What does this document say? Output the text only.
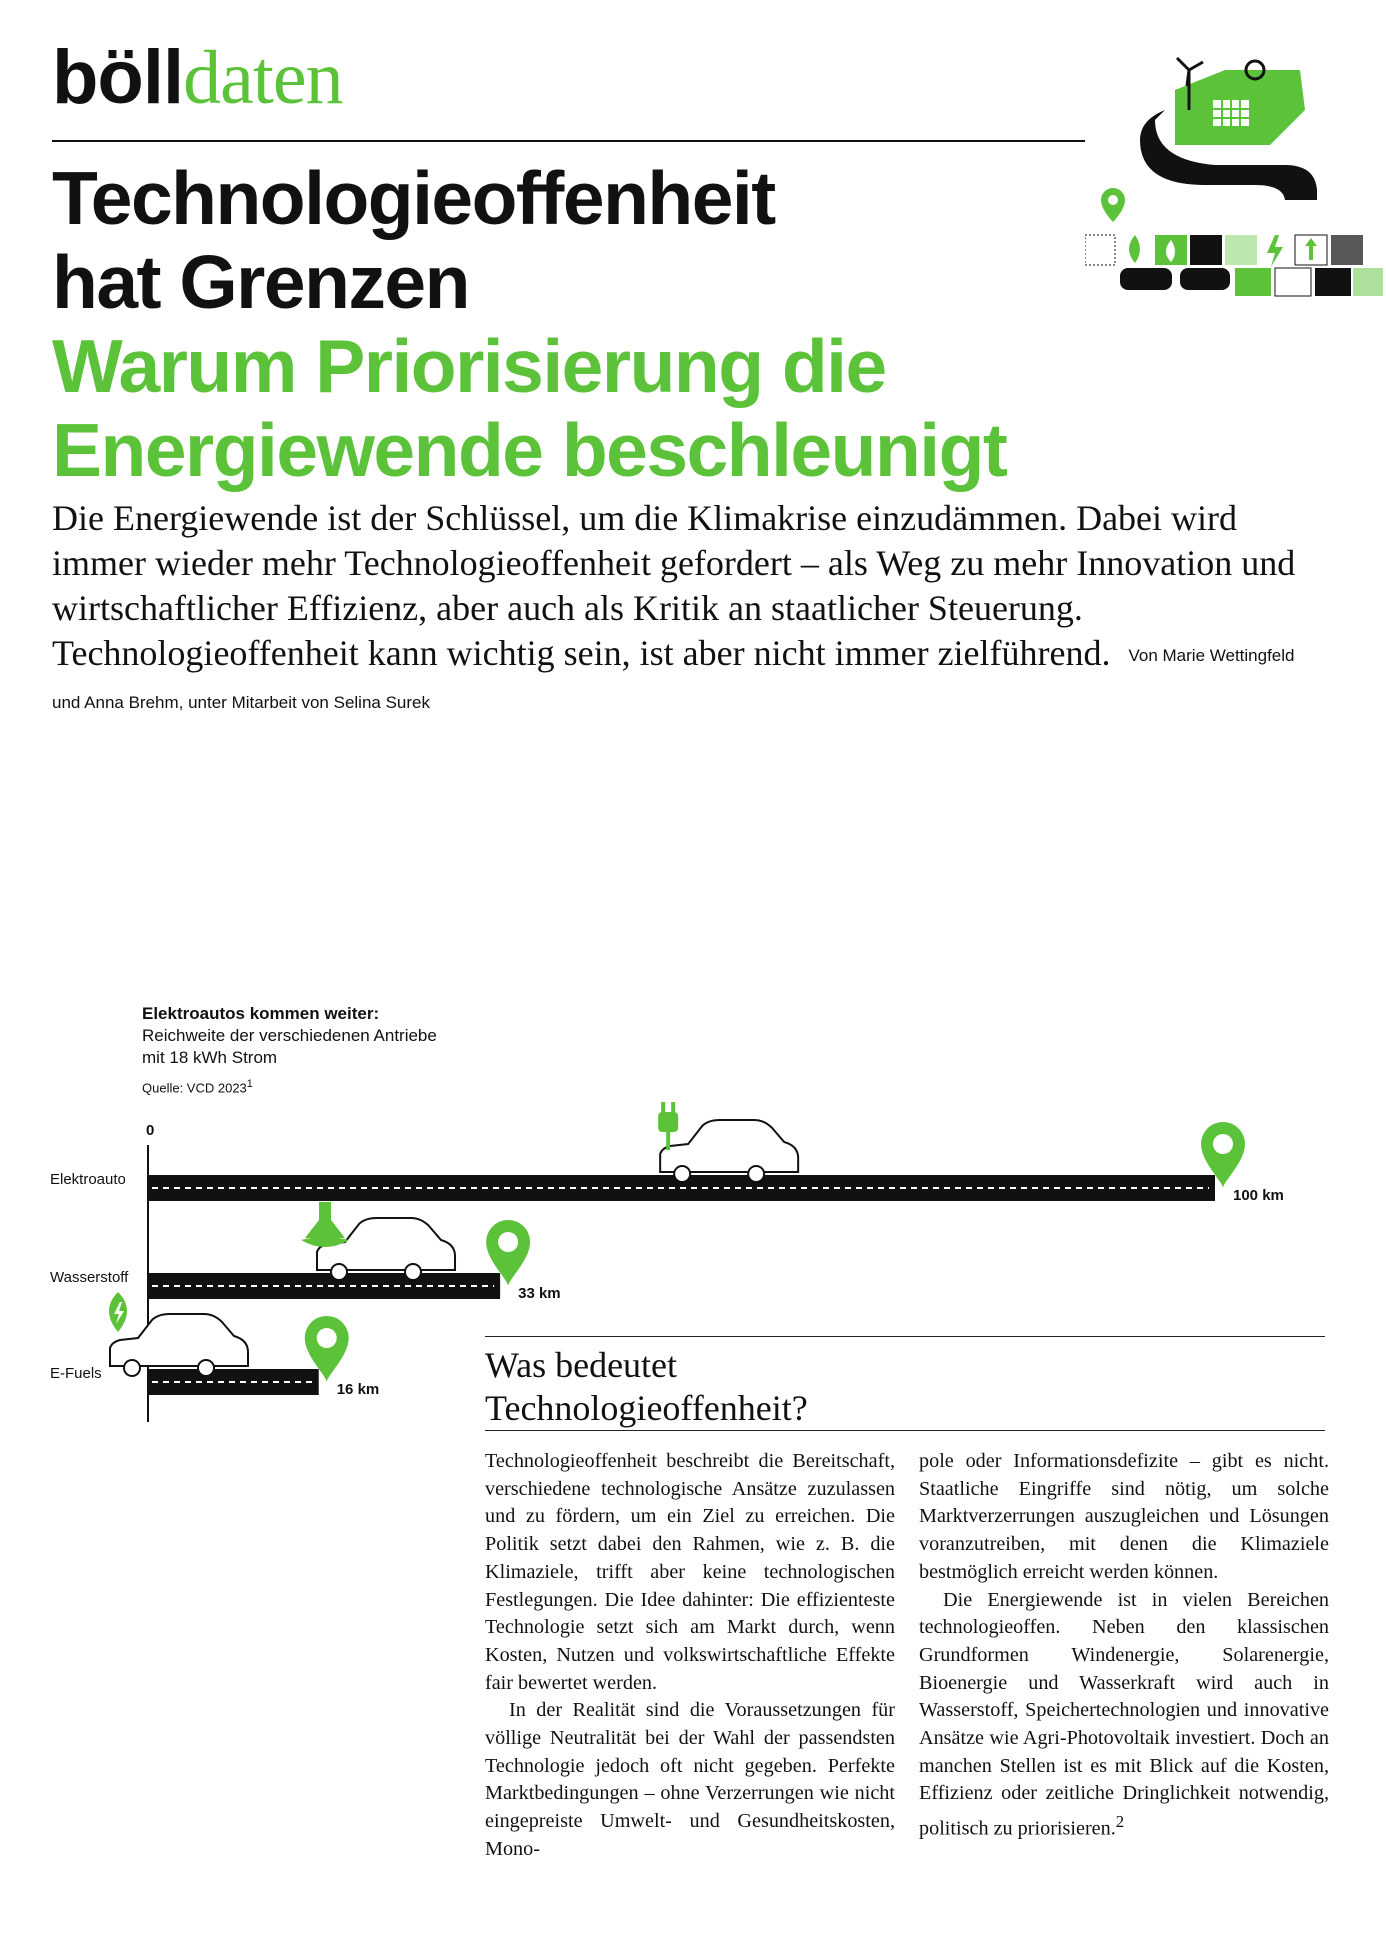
bölldaten
Technologieoffenheit
hat Grenzen
Warum Priorisierung die
Energiewende beschleunigt

Die Energiewende ist der Schlüssel, um die Klimakrise einzudämmen. Dabei wird immer wieder mehr Technologieoffenheit gefordert – als Weg zu mehr Innovation und wirtschaftlicher Effizienz, aber auch als Kritik an staatlicher Steuerung. Technologieoffenheit kann wichtig sein, ist aber nicht immer zielführend. Von Marie Wettingfeld und Anna Brehm, unter Mitarbeit von Selina Surek

Elektroautos kommen weiter:
Reichweite der verschiedenen Antriebe
mit 18 kWh Strom
Quelle: VCD 2023$^1$
0
Elektroauto
100 km
Wasserstoff
33 km
E-Fuels
16 km
Was bedeutet
Technologieoffenheit?

Technologieoffenheit beschreibt die Bereitschaft, verschiedene technologische Ansätze zuzulassen und zu fördern, um ein Ziel zu erreichen. Die Politik setzt dabei den Rahmen, wie z. B. die Klimaziele, trifft aber keine technologischen Festlegungen. Die Idee dahinter: Die effizienteste Technologie setzt sich am Markt durch, wenn Kosten, Nutzen und volkswirtschaftliche Effekte fair bewertet werden.

In der Realität sind die Voraussetzungen für völlige Neutralität bei der Wahl der passendsten Technologie jedoch oft nicht gegeben. Perfekte Marktbedingungen – ohne Verzerrungen wie nicht eingepreiste Umwelt- und Gesundheitskosten, Mono-

pole oder Informationsdefizite – gibt es nicht. Staatliche Eingriffe sind nötig, um solche Marktverzerrungen auszugleichen und Lösungen voranzutreiben, mit denen die Klimaziele bestmöglich erreicht werden können.

Die Energiewende ist in vielen Bereichen technologieoffen. Neben den klassischen Grundformen Windenergie, Solarenergie, Bioenergie und Wasserkraft wird auch in Wasserstoff, Speichertechnologien und innovative Ansätze wie Agri-Photovoltaik investiert. Doch an manchen Stellen ist es mit Blick auf die Kosten, Effizienz oder zeitliche Dringlichkeit notwendig, politisch zu priorisieren.$^2$
